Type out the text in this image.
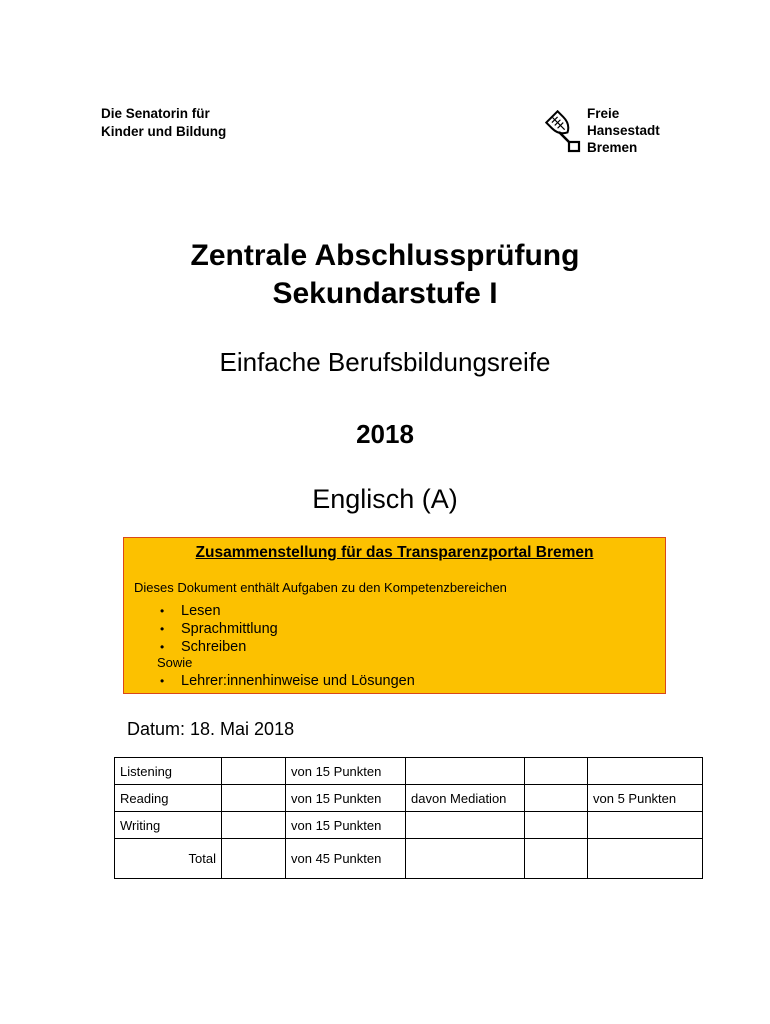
Die Senatorin für
Kinder und Bildung
Freie
Hansestadt
Bremen
Zentrale Abschlussprüfung
Sekundarstufe I
Einfache Berufsbildungsreife
2018
Englisch (A)
Zusammenstellung für das Transparenzportal Bremen
Dieses Dokument enthält Aufgaben zu den Kompetenzbereichen
• Lesen
• Sprachmittlung
• Schreiben
Sowie
• Lehrer:innenhinweise und Lösungen
Datum: 18. Mai 2018
Listening		von 15 Punkten			
Reading		von 15 Punkten	davon Mediation		von 5 Punkten
Writing		von 15 Punkten			
Total		von 45 Punkten			
